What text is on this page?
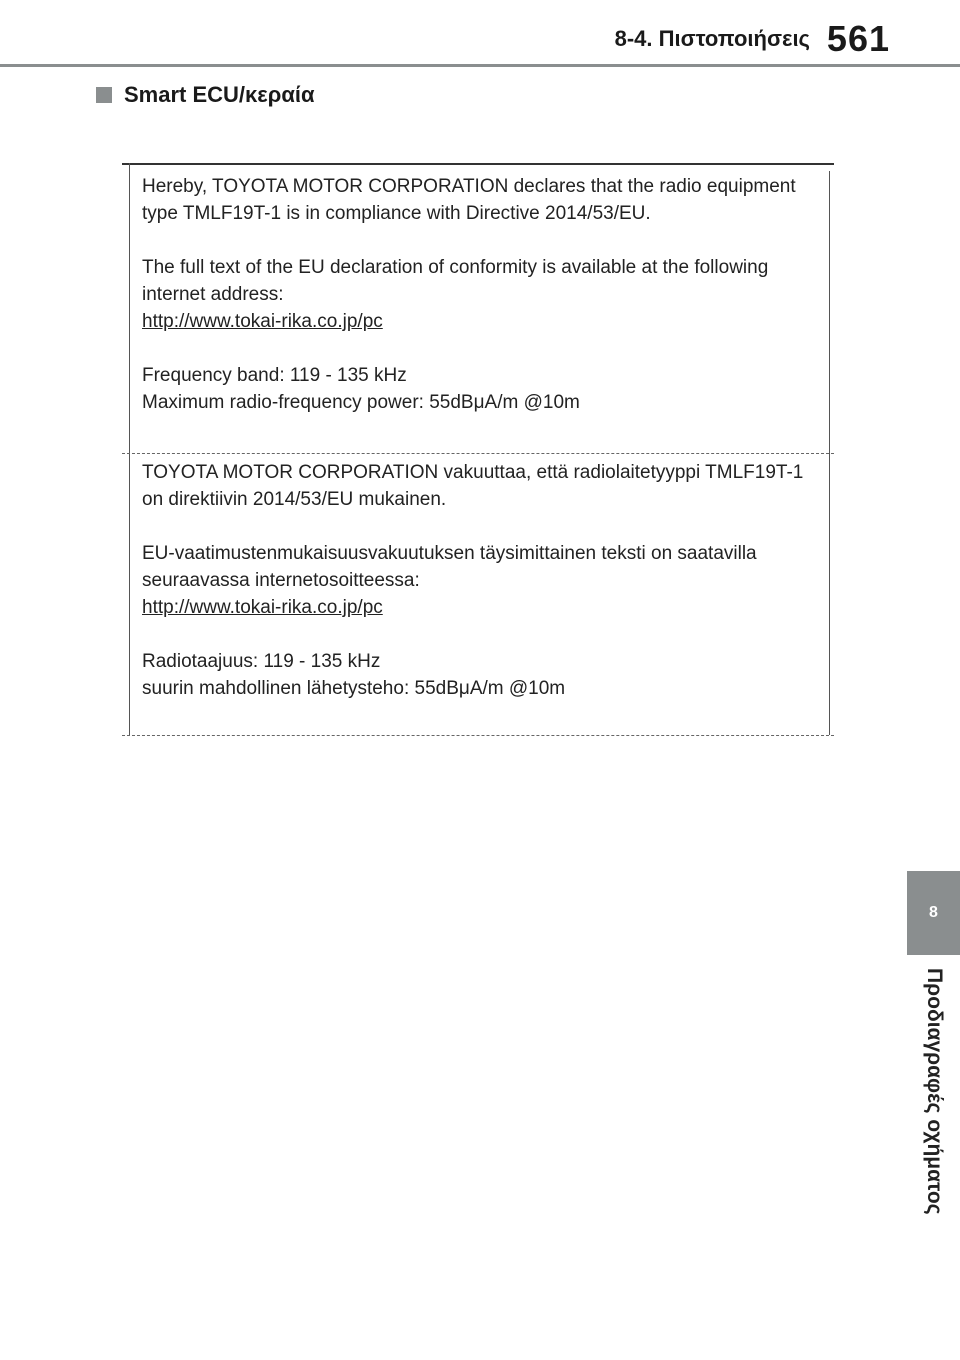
8-4. Πιστοποιήσεις 561
Smart ECU/κεραία

Hereby, TOYOTA MOTOR CORPORATION declares that the radio equipment type TMLF19T-1 is in compliance with Directive 2014/53/EU.

The full text of the EU declaration of conformity is available at the following internet address:

http://www.tokai-rika.co.jp/pc

Frequency band: 119 - 135 kHz

Maximum radio-frequency power: 55dBμA/m @10m

TOYOTA MOTOR CORPORATION vakuuttaa, että radiolaitetyyppi TMLF19T-1 on direktiivin 2014/53/EU mukainen.

EU-vaatimustenmukaisuusvakuutuksen täysimittainen teksti on saatavilla seuraavassa internetosoitteessa:

http://www.tokai-rika.co.jp/pc

Radiotaajuus: 119 - 135 kHz

suurin mahdollinen lähetysteho: 55dBμA/m @10m

8
Προδιαγραφές οχήματος
